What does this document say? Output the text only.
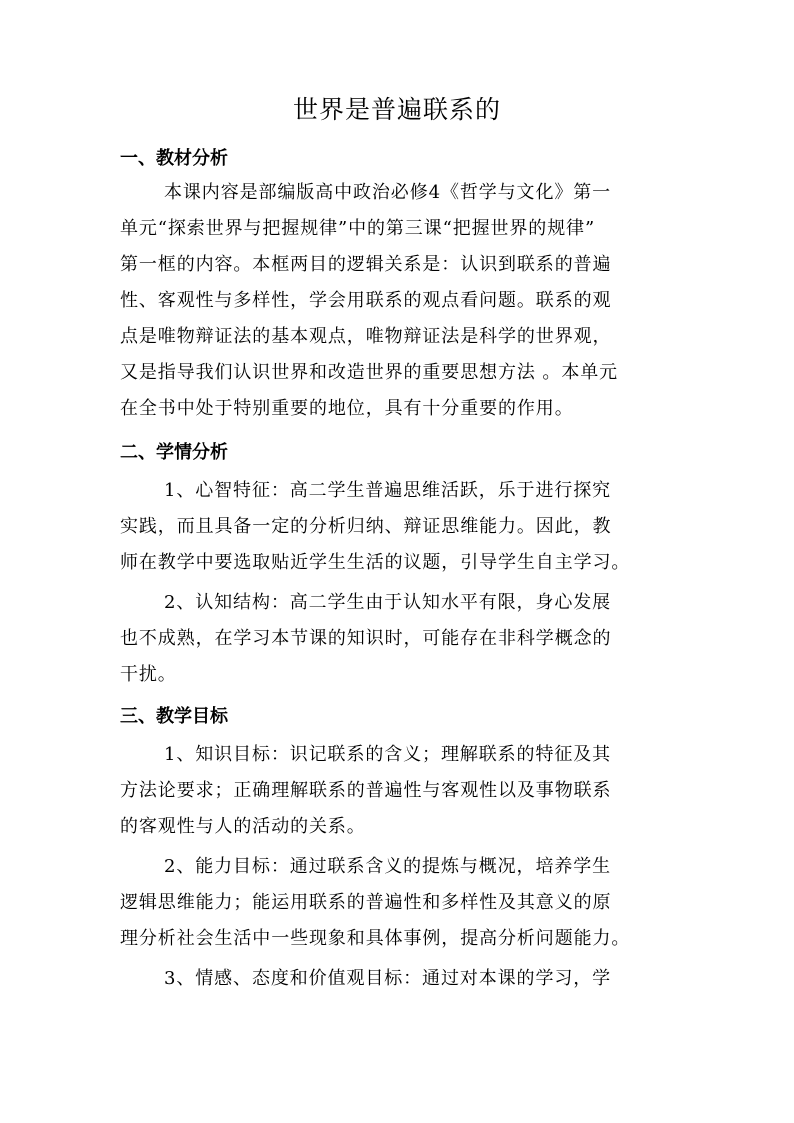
世界是普遍联系的
一、教材分析
本课内容是部编版高中政治必修4《哲学与文化》第一
单元“探索世界与把握规律”中的第三课“把握世界的规律”
第一框的内容。本框两目的逻辑关系是：认识到联系的普遍
性、客观性与多样性，学会用联系的观点看问题。联系的观
点是唯物辩证法的基本观点，唯物辩证法是科学的世界观，
又是指导我们认识世界和改造世界的重要思想方法 。本单元
在全书中处于特别重要的地位，具有十分重要的作用。
二、学情分析
1、心智特征：高二学生普遍思维活跃，乐于进行探究
实践，而且具备一定的分析归纳、辩证思维能力。因此，教
师在教学中要选取贴近学生生活的议题，引导学生自主学习。
2、认知结构：高二学生由于认知水平有限，身心发展
也不成熟，在学习本节课的知识时，可能存在非科学概念的
干扰。
三、教学目标
1、知识目标：识记联系的含义；理解联系的特征及其
方法论要求；正确理解联系的普遍性与客观性以及事物联系
的客观性与人的活动的关系。
2、能力目标：通过联系含义的提炼与概况，培养学生
逻辑思维能力；能运用联系的普遍性和多样性及其意义的原
理分析社会生活中一些现象和具体事例，提高分析问题能力。
3、情感、态度和价值观目标：通过对本课的学习，学
